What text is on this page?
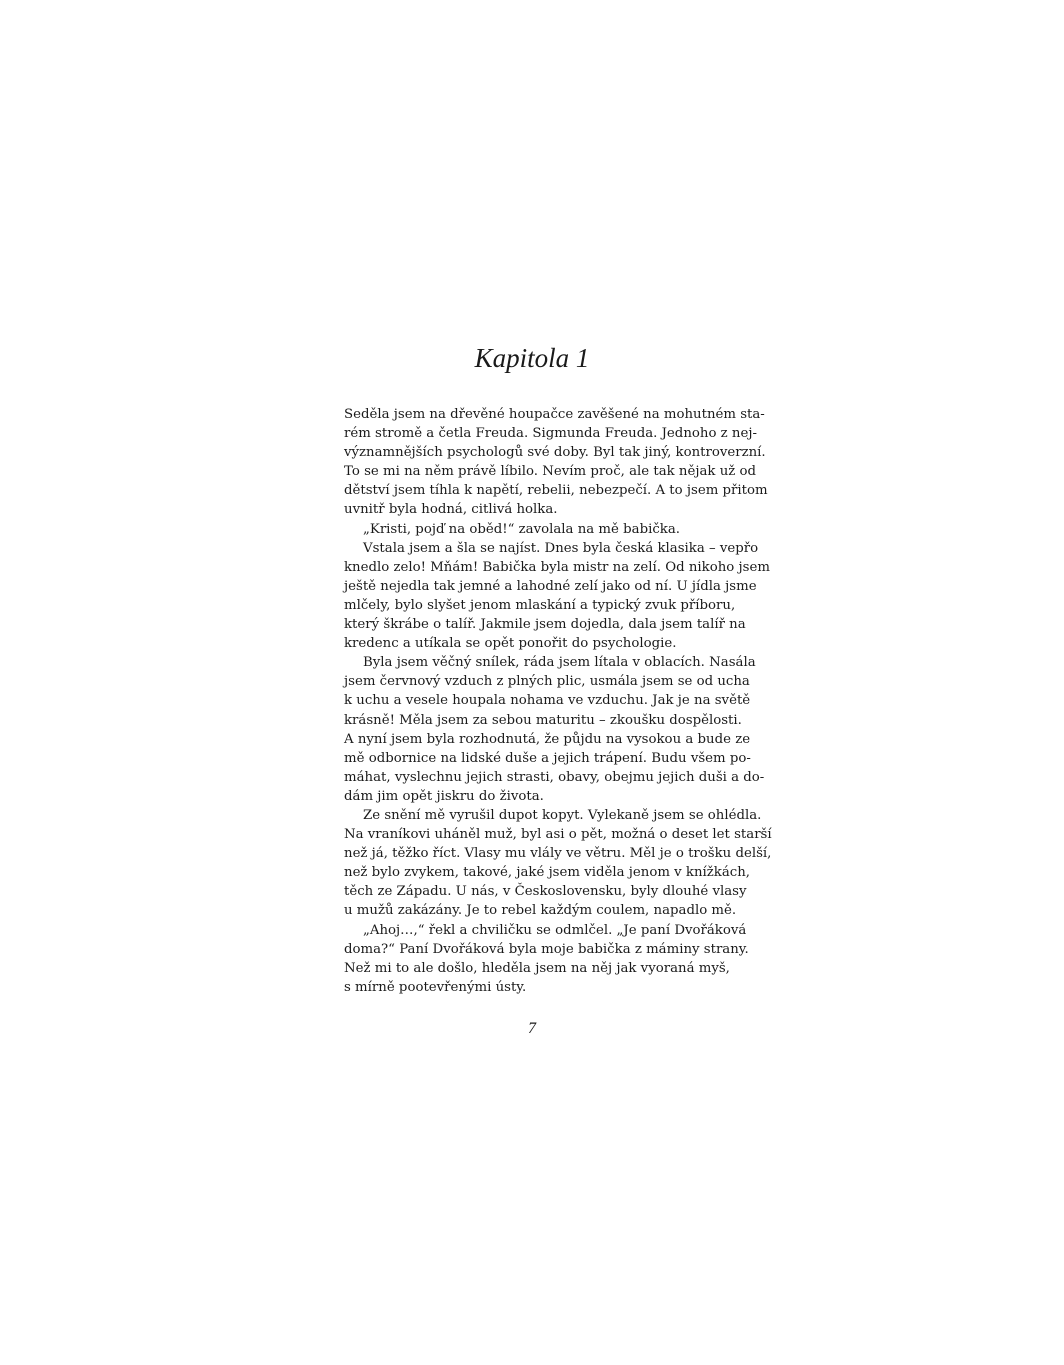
Kapitola 1
Seděla jsem na dřevěné houpačce zavěšené na mohutném sta-
rém stromě a četla Freuda. Sigmunda Freuda. Jednoho z nej-
významnějších psychologů své doby. Byl tak jiný, kontroverzní.
To se mi na něm právě líbilo. Nevím proč, ale tak nějak už od
dětství jsem tíhla k napětí, rebelii, nebezpečí. A to jsem přitom
uvnitř byla hodná, citlivá holka.
„Kristi, pojď na oběd!“ zavolala na mě babička.
Vstala jsem a šla se najíst. Dnes byla česká klasika – vepřo
knedlo zelo! Mňám! Babička byla mistr na zelí. Od nikoho jsem
ještě nejedla tak jemné a lahodné zelí jako od ní. U jídla jsme
mlčely, bylo slyšet jenom mlaskání a typický zvuk příboru,
který škrábe o talíř. Jakmile jsem dojedla, dala jsem talíř na
kredenc a utíkala se opět ponořit do psychologie.
Byla jsem věčný snílek, ráda jsem lítala v oblacích. Nasála
jsem červnový vzduch z plných plic, usmála jsem se od ucha
k uchu a vesele houpala nohama ve vzduchu. Jak je na světě
krásně! Měla jsem za sebou maturitu – zkoušku dospělosti.
A nyní jsem byla rozhodnutá, že půjdu na vysokou a bude ze
mě odbornice na lidské duše a jejich trápení. Budu všem po-
máhat, vyslechnu jejich strasti, obavy, obejmu jejich duši a do-
dám jim opět jiskru do života.
Ze snění mě vyrušil dupot kopyt. Vylekaně jsem se ohlédla.
Na vraníkovi uháněl muž, byl asi o pět, možná o deset let starší
než já, těžko říct. Vlasy mu vlály ve větru. Měl je o trošku delší,
než bylo zvykem, takové, jaké jsem viděla jenom v knížkách,
těch ze Západu. U nás, v Československu, byly dlouhé vlasy
u mužů zakázány. Je to rebel každým coulem, napadlo mě.
„Ahoj…,“ řekl a chviličku se odmlčel. „Je paní Dvořáková
doma?“ Paní Dvořáková byla moje babička z máminy strany.
Než mi to ale došlo, hleděla jsem na něj jak vyoraná myš,
s mírně pootevřenými ústy.
7
